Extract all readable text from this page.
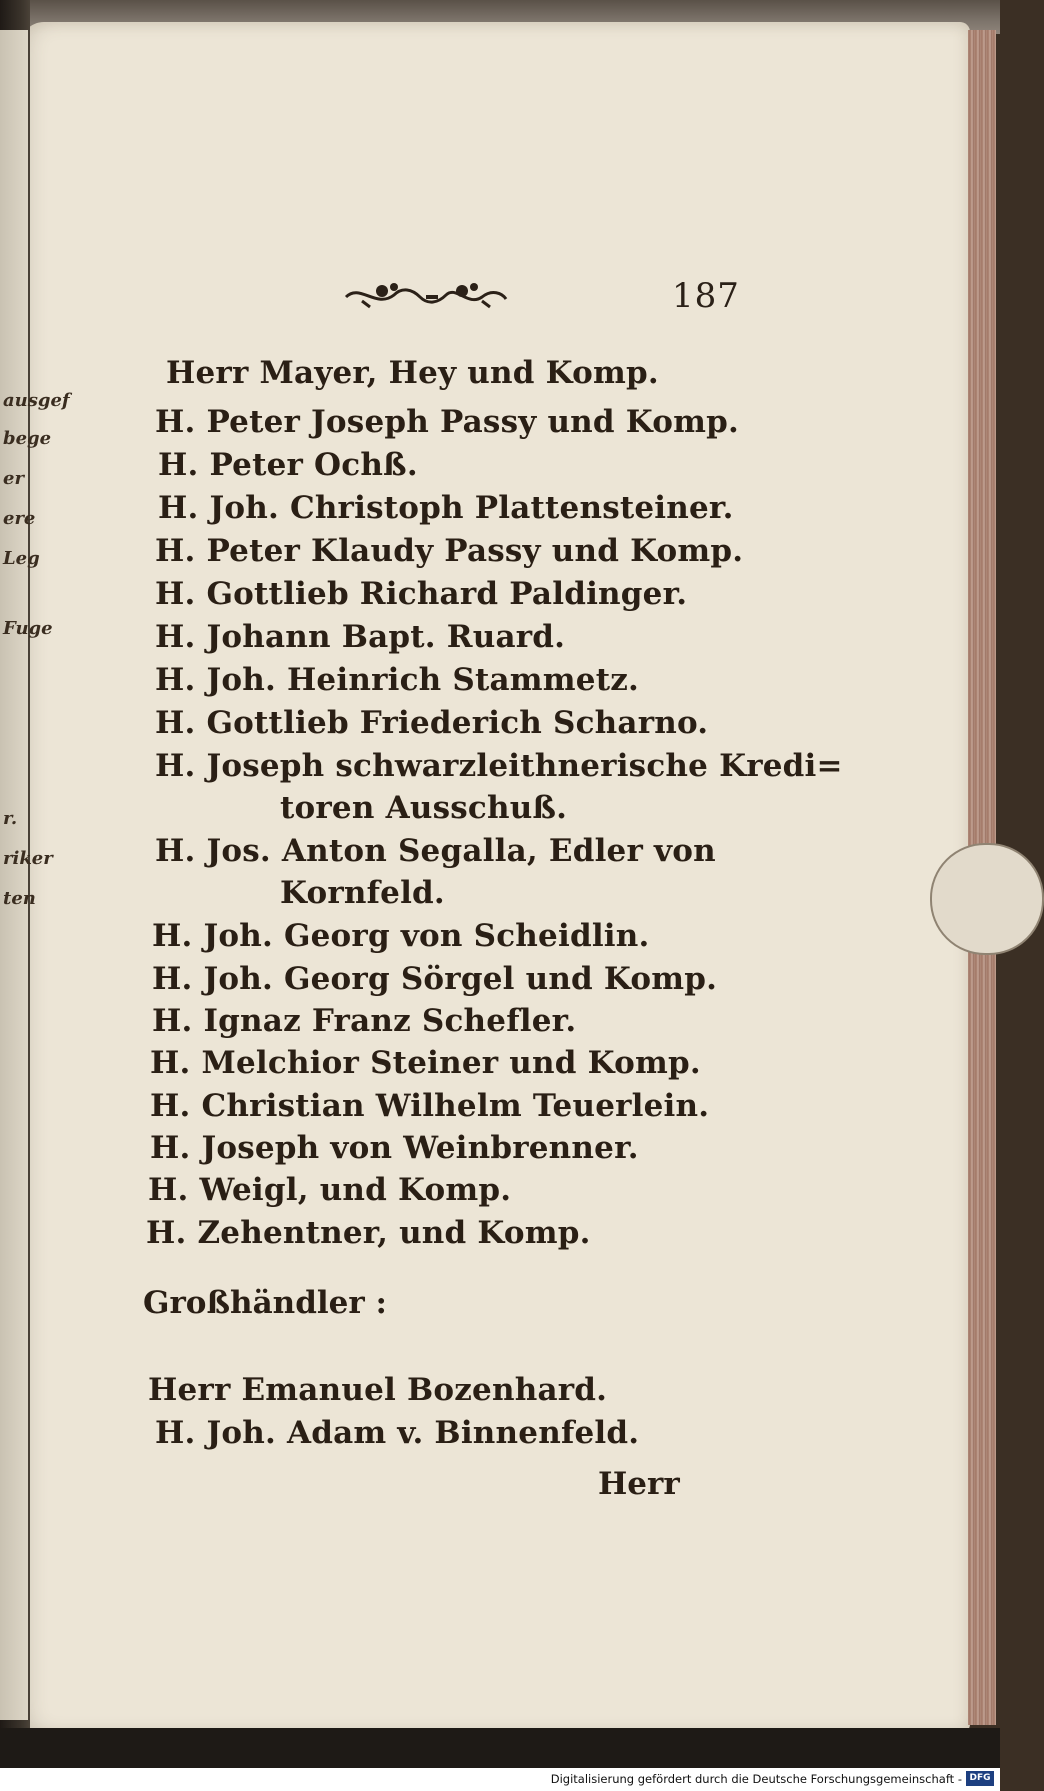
ausgef
bege
er
ere
Leg
Fuge
r.
riker
ten
187
Herr Mayer, Hey und Komp.
H. Peter Joseph Passy und Komp.
H. Peter Ochß.
H. Joh. Christoph Plattensteiner.
H. Peter Klaudy Passy und Komp.
H. Gottlieb Richard Paldinger.
H. Johann Bapt. Ruard.
H. Joh. Heinrich Stammetz.
H. Gottlieb Friederich Scharno.
H. Joseph schwarzleithnerische Kredi=
toren Ausschuß.
H. Jos. Anton Segalla, Edler von
Kornfeld.
H. Joh. Georg von Scheidlin.
H. Joh. Georg Sörgel und Komp.
H. Ignaz Franz Schefler.
H. Melchior Steiner und Komp.
H. Christian Wilhelm Teuerlein.
H. Joseph von Weinbrenner.
H. Weigl, und Komp.
H. Zehentner, und Komp.
Großhändler :
Herr Emanuel Bozenhard.
H. Joh. Adam v. Binnenfeld.
Herr
Digitalisierung gefördert durch die Deutsche Forschungsgemeinschaft - DFG
